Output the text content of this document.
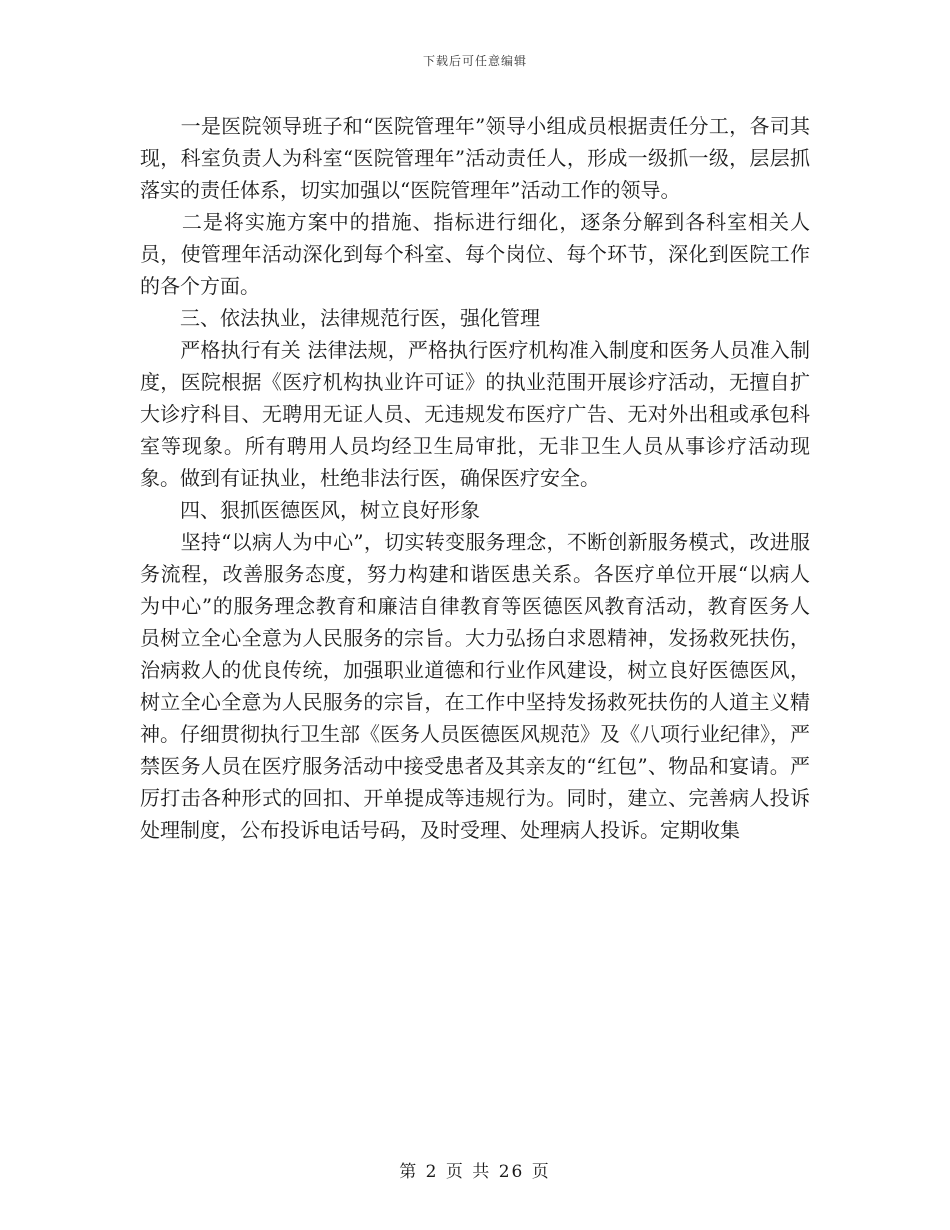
下载后可任意编辑

　　一是医院领导班子和“医院管理年”领导小组成员根据责任分工，各司其现，科室负责人为科室“医院管理年”活动责任人，形成一级抓一级，层层抓落实的责任体系，切实加强以“医院管理年”活动工作的领导。

　　二是将实施方案中的措施、指标进行细化，逐条分解到各科室相关人员，使管理年活动深化到每个科室、每个岗位、每个环节，深化到医院工作的各个方面。

　　三、依法执业，法律规范行医，强化管理

　　严格执行有关 法律法规，严格执行医疗机构准入制度和医务人员准入制度，医院根据《医疗机构执业许可证》的执业范围开展诊疗活动，无擅自扩大诊疗科目、无聘用无证人员、无违规发布医疗广告、无对外出租或承包科室等现象。所有聘用人员均经卫生局审批，无非卫生人员从事诊疗活动现象。做到有证执业，杜绝非法行医，确保医疗安全。

　　四、狠抓医德医风，树立良好形象

　　坚持“以病人为中心”，切实转变服务理念，不断创新服务模式，改进服务流程，改善服务态度，努力构建和谐医患关系。各医疗单位开展“以病人为中心”的服务理念教育和廉洁自律教育等医德医风教育活动，教育医务人员树立全心全意为人民服务的宗旨。大力弘扬白求恩精神，发扬救死扶伤，治病救人的优良传统，加强职业道德和行业作风建设，树立良好医德医风，树立全心全意为人民服务的宗旨，在工作中坚持发扬救死扶伤的人道主义精神。仔细贯彻执行卫生部《医务人员医德医风规范》及《八项行业纪律》，严禁医务人员在医疗服务活动中接受患者及其亲友的“红包”、物品和宴请。严厉打击各种形式的回扣、开单提成等违规行为。同时，建立、完善病人投诉处理制度，公布投诉电话号码，及时受理、处理病人投诉。定期收集

第 2 页 共 26 页
